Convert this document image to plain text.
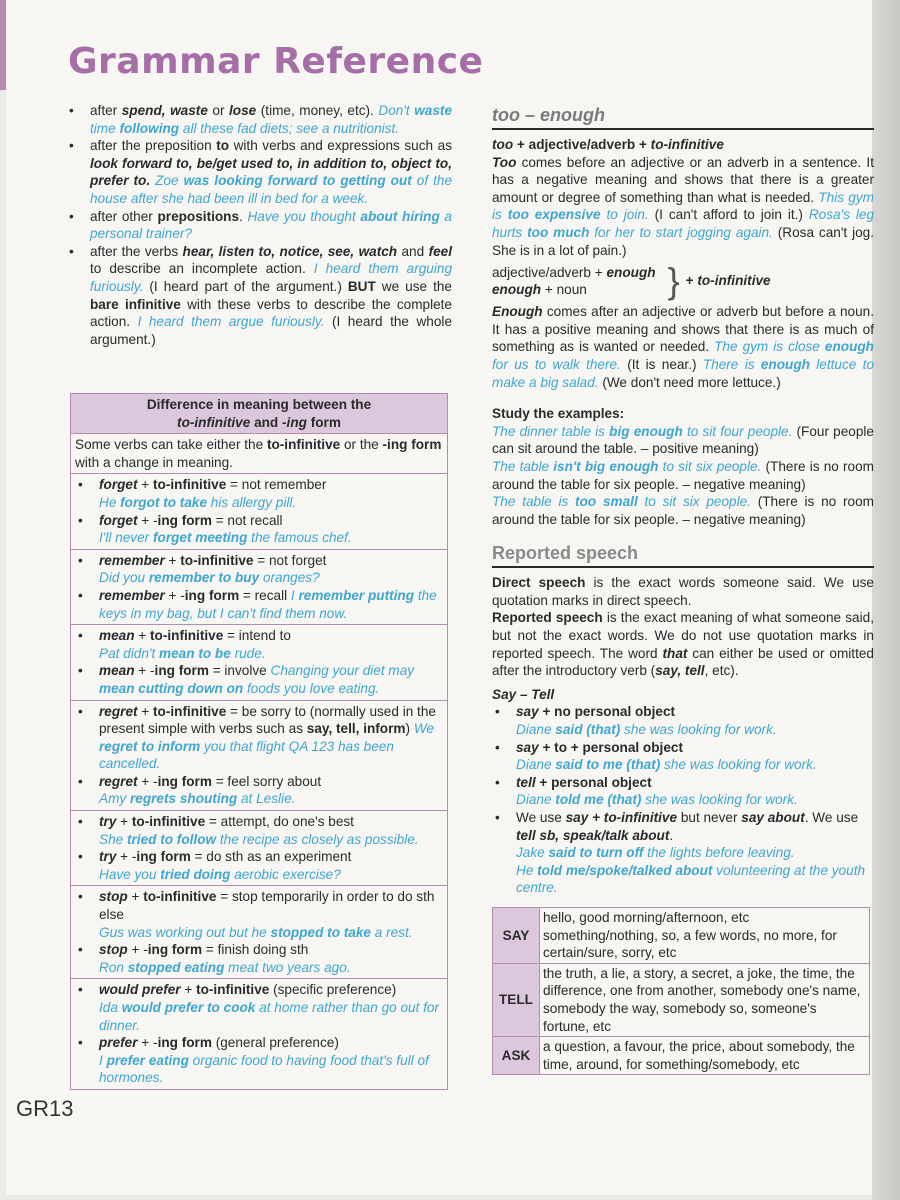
Grammar Reference
• after spend, waste or lose (time, money, etc). Don't waste time following all these fad diets; see a nutritionist.
• after the preposition to with verbs and expressions such as look forward to, be/get used to, in addition to, object to, prefer to. Zoe was looking forward to getting out of the house after she had been ill in bed for a week.
• after other prepositions. Have you thought about hiring a personal trainer?
• after the verbs hear, listen to, notice, see, watch and feel to describe an incomplete action. I heard them arguing furiously. (I heard part of the argument.) BUT we use the bare infinitive with these verbs to describe the complete action. I heard them argue furiously. (I heard the whole argument.)
Difference in meaning between the
to-infinitive and -ing form
Some verbs can take either the to-infinitive or the -ing form with a change in meaning.
• forget + to-infinitive = not remember
He forgot to take his allergy pill.
• forget + -ing form = not recall
I'll never forget meeting the famous chef.
• remember + to-infinitive = not forget
Did you remember to buy oranges?
• remember + -ing form = recall I remember putting the keys in my bag, but I can't find them now.
• mean + to-infinitive = intend to
Pat didn't mean to be rude.
• mean + -ing form = involve Changing your diet may mean cutting down on foods you love eating.
• regret + to-infinitive = be sorry to (normally used in the present simple with verbs such as say, tell, inform) We regret to inform you that flight QA 123 has been cancelled.
• regret + -ing form = feel sorry about
Amy regrets shouting at Leslie.
• try + to-infinitive = attempt, do one's best
She tried to follow the recipe as closely as possible.
• try + -ing form = do sth as an experiment
Have you tried doing aerobic exercise?
• stop + to-infinitive = stop temporarily in order to do sth else
Gus was working out but he stopped to take a rest.
• stop + -ing form = finish doing sth
Ron stopped eating meat two years ago.
• would prefer + to-infinitive (specific preference)
Ida would prefer to cook at home rather than go out for dinner.
• prefer + -ing form (general preference)
I prefer eating organic food to having food that's full of hormones.
too – enough
too + adjective/adverb + to-infinitive
Too comes before an adjective or an adverb in a sentence. It has a negative meaning and shows that there is a greater amount or degree of something than what is needed. This gym is too expensive to join. (I can't afford to join it.) Rosa's leg hurts too much for her to start jogging again. (Rosa can't jog. She is in a lot of pain.)
adjective/adverb + enough
enough + noun	} + to-infinitive
Enough comes after an adjective or adverb but before a noun. It has a positive meaning and shows that there is as much of something as is wanted or needed. The gym is close enough for us to walk there. (It is near.) There is enough lettuce to make a big salad. (We don't need more lettuce.)
Study the examples:
The dinner table is big enough to sit four people. (Four people can sit around the table. – positive meaning)
The table isn't big enough to sit six people. (There is no room around the table for six people. – negative meaning)
The table is too small to sit six people. (There is no room around the table for six people. – negative meaning)
Reported speech
Direct speech is the exact words someone said. We use quotation marks in direct speech.
Reported speech is the exact meaning of what someone said, but not the exact words. We do not use quotation marks in reported speech. The word that can either be used or omitted after the introductory verb (say, tell, etc).
Say – Tell
• say + no personal object
Diane said (that) she was looking for work.
• say + to + personal object
Diane said to me (that) she was looking for work.
• tell + personal object
Diane told me (that) she was looking for work.
• We use say + to-infinitive but never say about. We use tell sb, speak/talk about.
Jake said to turn off the lights before leaving.
He told me/spoke/talked about volunteering at the youth centre.
SAY	hello, good morning/afternoon, etc something/nothing, so, a few words, no more, for certain/sure, sorry, etc
TELL	the truth, a lie, a story, a secret, a joke, the time, the difference, one from another, somebody one's name, somebody the way, somebody so, someone's fortune, etc
ASK	a question, a favour, the price, about somebody, the time, around, for something/somebody, etc
GR13
